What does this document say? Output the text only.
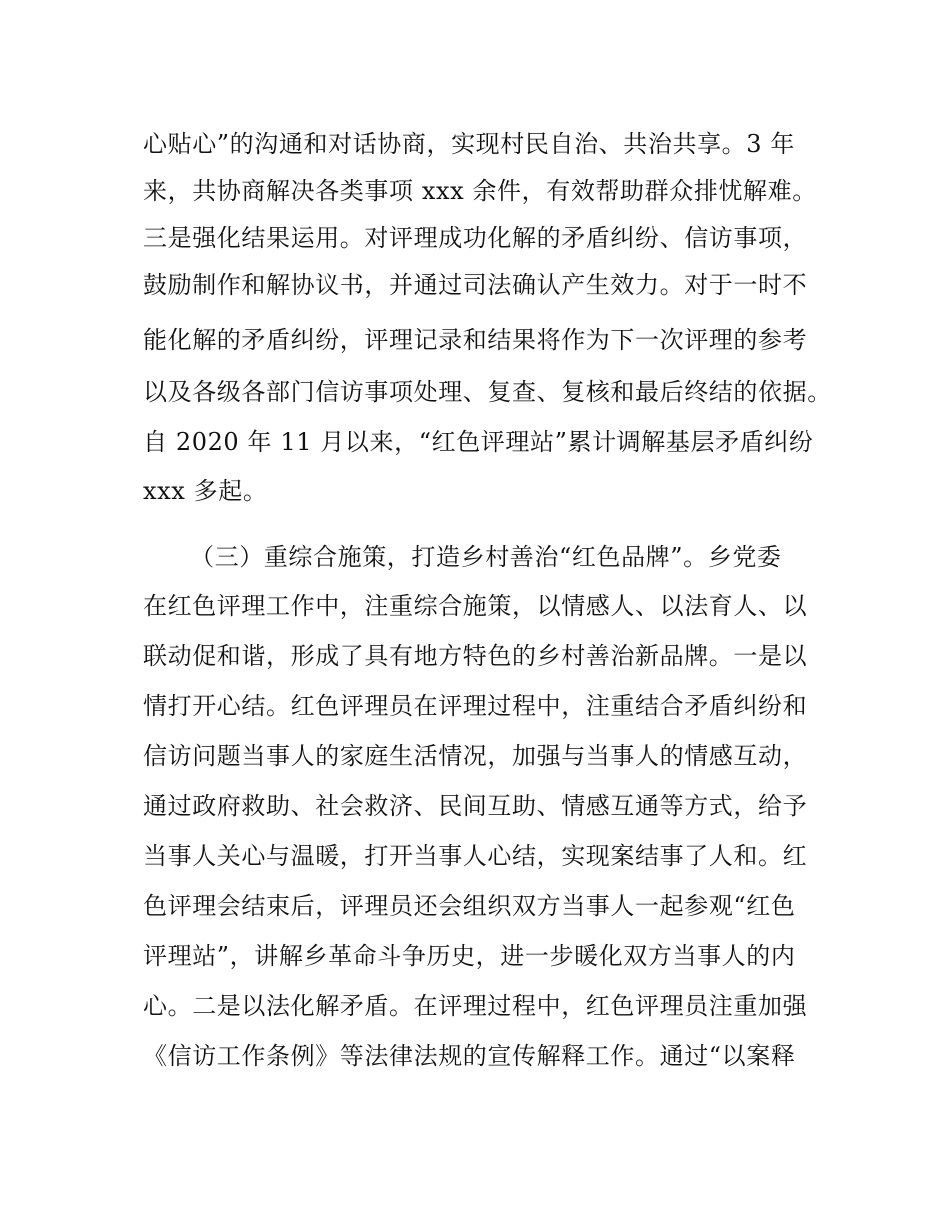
心贴心”的沟通和对话协商，实现村民自治、共治共享。3 年
来，共协商解决各类事项 xxx 余件，有效帮助群众排忧解难。
三是强化结果运用。对评理成功化解的矛盾纠纷、信访事项，
鼓励制作和解协议书，并通过司法确认产生效力。对于一时不
能化解的矛盾纠纷，评理记录和结果将作为下一次评理的参考
以及各级各部门信访事项处理、复查、复核和最后终结的依据。
自 2020 年 11 月以来，“红色评理站”累计调解基层矛盾纠纷
xxx 多起。
（三）重综合施策，打造乡村善治“红色品牌”。乡党委
在红色评理工作中，注重综合施策，以情感人、以法育人、以
联动促和谐，形成了具有地方特色的乡村善治新品牌。一是以
情打开心结。红色评理员在评理过程中，注重结合矛盾纠纷和
信访问题当事人的家庭生活情况，加强与当事人的情感互动，
通过政府救助、社会救济、民间互助、情感互通等方式，给予
当事人关心与温暖，打开当事人心结，实现案结事了人和。红
色评理会结束后，评理员还会组织双方当事人一起参观“红色
评理站”，讲解乡革命斗争历史，进一步暖化双方当事人的内
心。二是以法化解矛盾。在评理过程中，红色评理员注重加强
《信访工作条例》等法律法规的宣传解释工作。通过“以案释
